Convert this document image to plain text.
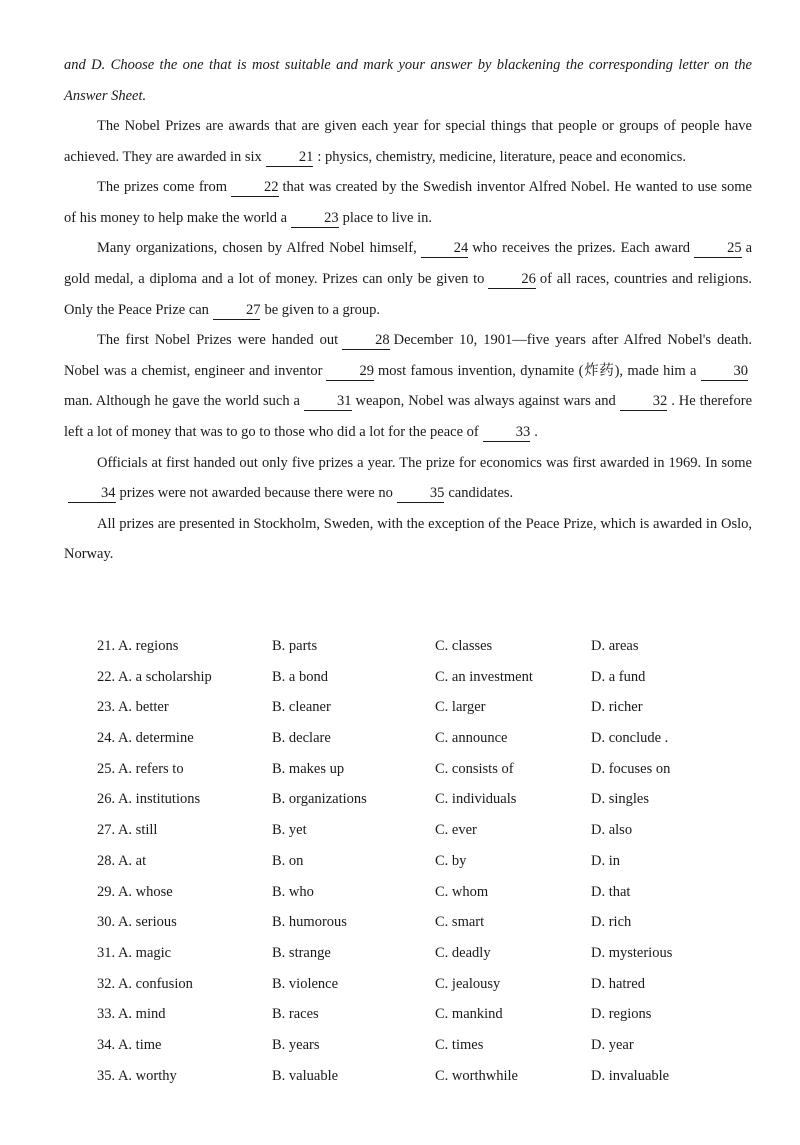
and D. Choose the one that is most suitable and mark your answer by blackening the corresponding letter on the Answer Sheet.

The Nobel Prizes are awards that are given each year for special things that people or groups of people have achieved. They are awarded in six	21 : physics, chemistry, medicine, literature, peace and economics.

The prizes come from	22 that was created by the Swedish inventor Alfred Nobel. He wanted to use some of his money to help make the world a	23 place to live in.

Many organizations, chosen by Alfred Nobel himself,	24 who receives the prizes. Each award	25 a gold medal, a diploma and a lot of money. Prizes can only be given to	26 of all races, countries and religions. Only the Peace Prize can	27 be given to a group.

The first Nobel Prizes were handed out	28 December 10, 1901—five years after Alfred Nobel's death. Nobel was a chemist, engineer and inventor	29 most famous invention, dynamite (炸药), made him a	30man. Although he gave the world such a	31 weapon, Nobel was always against wars and	32 . He therefore left a lot of money that was to go to those who did a lot for the peace of	33 .

Officials at first handed out only five prizes a year. The prize for economics was first awarded in 1969. In some34 prizes were not awarded because there were no	35 candidates.

All prizes are presented in Stockholm, Sweden, with the exception of the Peace Prize, which is awarded in Oslo, Norway.

21. A. regions	B. parts	C. classes	D. areas
22. A. a scholarship	B. a bond	C. an investment	D. a fund
23. A. better	B. cleaner	C. larger	D. richer
24. A. determine	B. declare	C. announce	D. conclude .
25. A. refers to	B. makes up	C. consists of	D. focuses on
26. A. institutions	B. organizations	C. individuals	D. singles
27. A. still	B. yet	C. ever	D. also
28. A. at	B. on	C. by	D. in
29. A. whose	B. who	C. whom	D. that
30. A. serious	B. humorous	C. smart	D. rich
31. A. magic	B. strange	C. deadly	D. mysterious
32. A. confusion	B. violence	C. jealousy	D. hatred
33. A. mind	B. races	C. mankind	D. regions
34. A. time	B. years	C. times	D. year
35. A. worthy	B. valuable	C. worthwhile	D. invaluable
